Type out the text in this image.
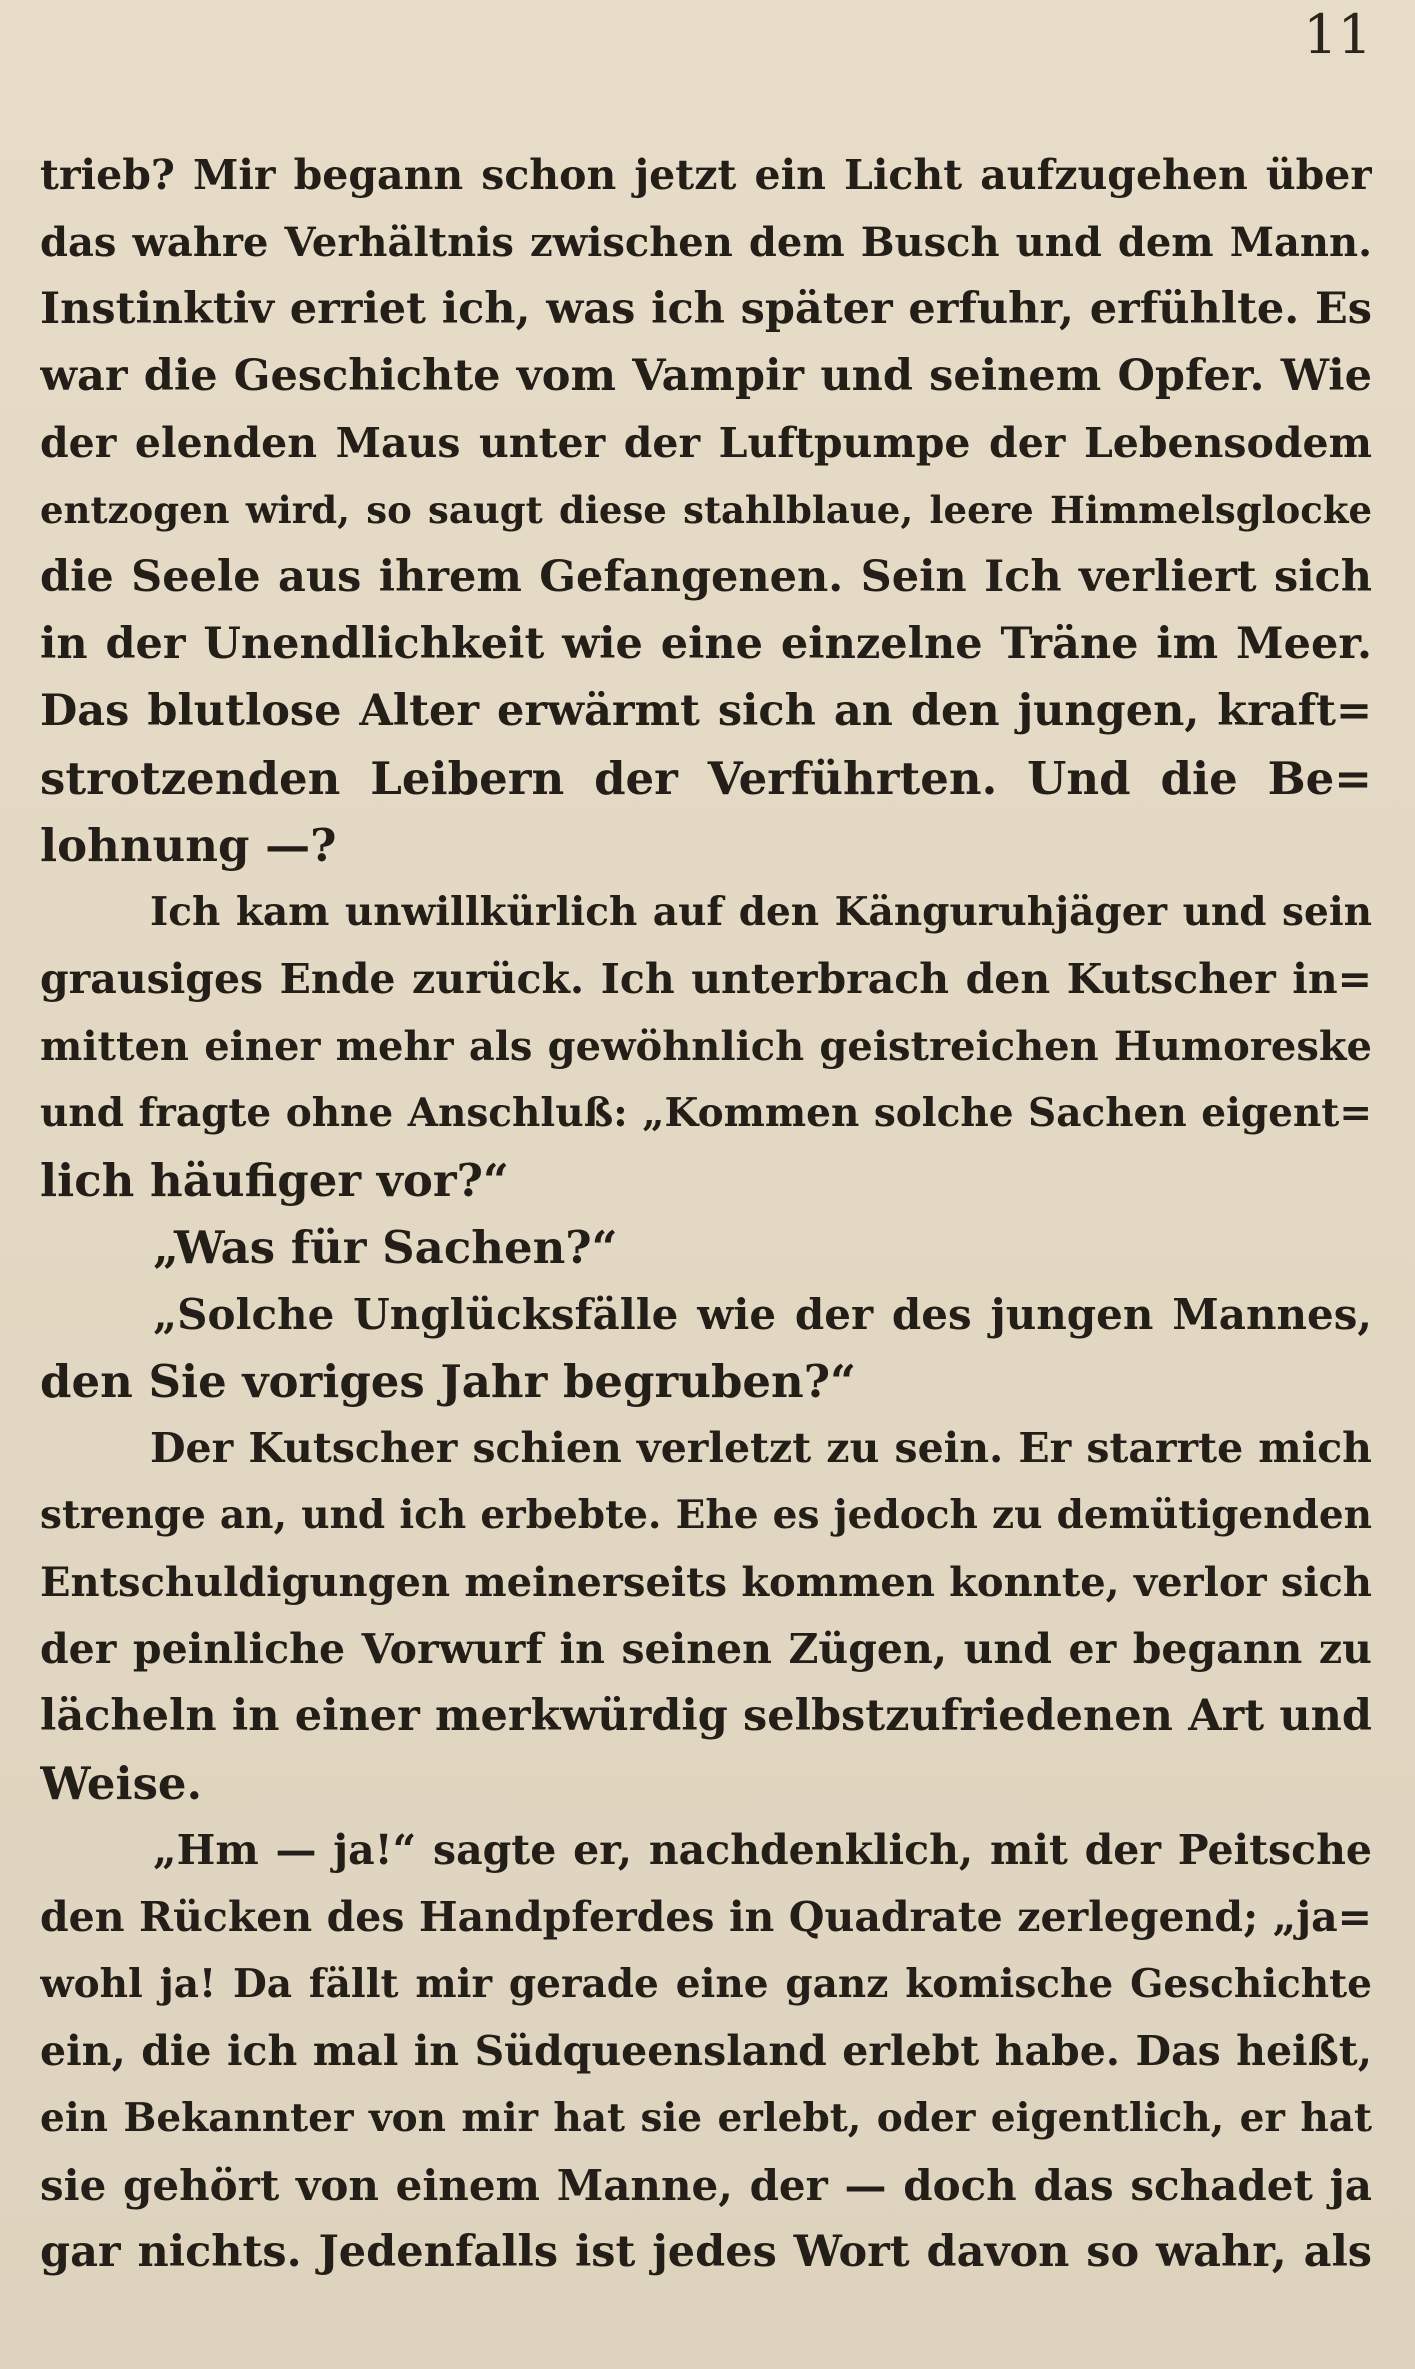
11
trieb? Mir begann schon jetzt ein Licht aufzugehen über
das wahre Verhältnis zwischen dem Busch und dem Mann.
Instinktiv erriet ich, was ich später erfuhr, erfühlte. Es
war die Geschichte vom Vampir und seinem Opfer. Wie
der elenden Maus unter der Luftpumpe der Lebensodem
entzogen wird, so saugt diese stahlblaue, leere Himmelsglocke
die Seele aus ihrem Gefangenen. Sein Ich verliert sich
in der Unendlichkeit wie eine einzelne Träne im Meer.
Das blutlose Alter erwärmt sich an den jungen, kraft=
strotzenden Leibern der Verführten. Und die Be=
lohnung —?
Ich kam unwillkürlich auf den Känguruhjäger und sein
grausiges Ende zurück. Ich unterbrach den Kutscher in=
mitten einer mehr als gewöhnlich geistreichen Humoreske
und fragte ohne Anschluß: „Kommen solche Sachen eigent=
lich häufiger vor?“
„Was für Sachen?“
„Solche Unglücksfälle wie der des jungen Mannes,
den Sie voriges Jahr begruben?“
Der Kutscher schien verletzt zu sein. Er starrte mich
strenge an, und ich erbebte. Ehe es jedoch zu demütigenden
Entschuldigungen meinerseits kommen konnte, verlor sich
der peinliche Vorwurf in seinen Zügen, und er begann zu
lächeln in einer merkwürdig selbstzufriedenen Art und
Weise.
„Hm — ja!“ sagte er, nachdenklich, mit der Peitsche
den Rücken des Handpferdes in Quadrate zerlegend; „ja=
wohl ja! Da fällt mir gerade eine ganz komische Geschichte
ein, die ich mal in Südqueensland erlebt habe. Das heißt,
ein Bekannter von mir hat sie erlebt, oder eigentlich, er hat
sie gehört von einem Manne, der — doch das schadet ja
gar nichts. Jedenfalls ist jedes Wort davon so wahr, als
